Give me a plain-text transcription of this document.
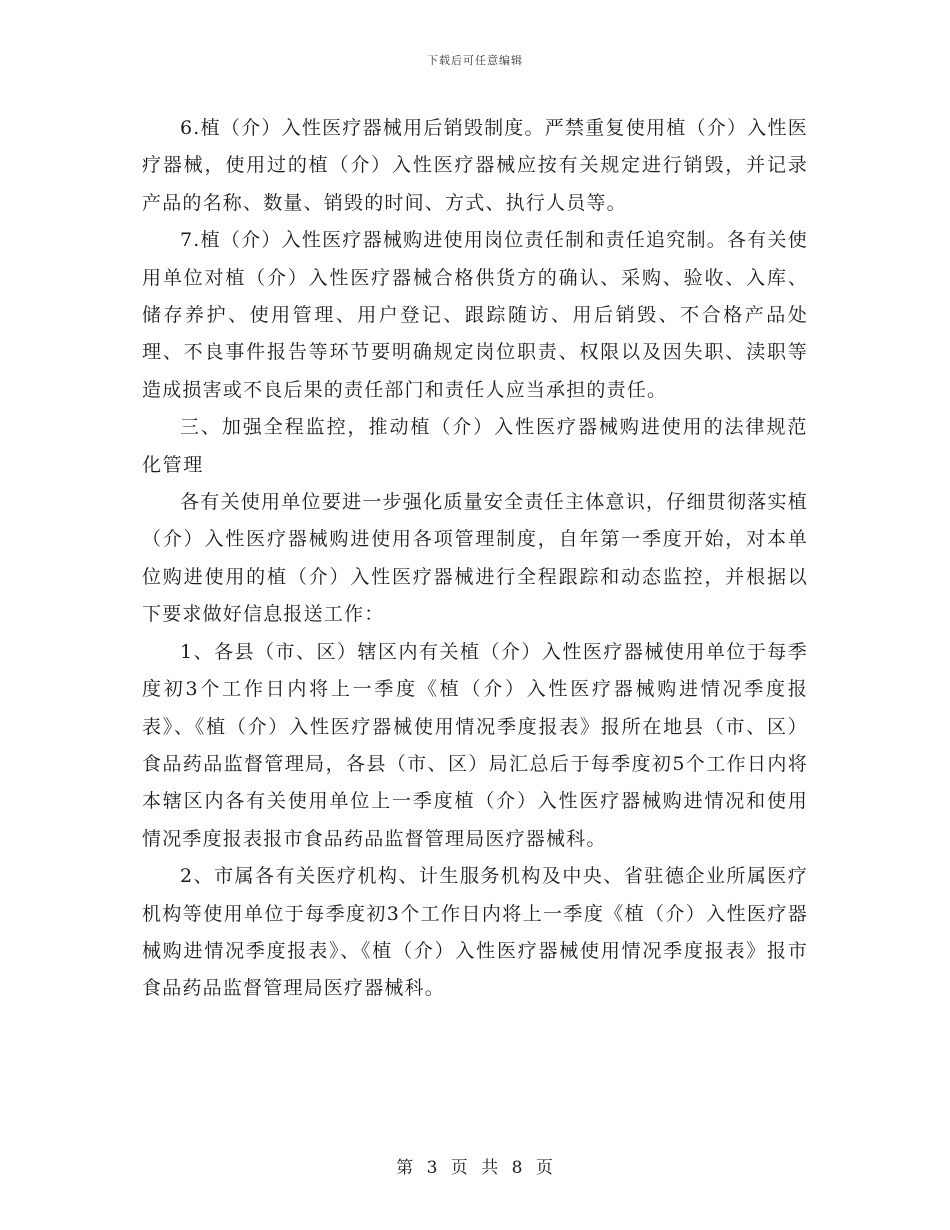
下载后可任意编辑

6.植（介）入性医疗器械用后销毁制度。严禁重复使用植（介）入性医疗器械，使用过的植（介）入性医疗器械应按有关规定进行销毁，并记录产品的名称、数量、销毁的时间、方式、执行人员等。

7.植（介）入性医疗器械购进使用岗位责任制和责任追究制。各有关使用单位对植（介）入性医疗器械合格供货方的确认、采购、验收、入库、储存养护、使用管理、用户登记、跟踪随访、用后销毁、不合格产品处理、不良事件报告等环节要明确规定岗位职责、权限以及因失职、渎职等造成损害或不良后果的责任部门和责任人应当承担的责任。

三、加强全程监控，推动植（介）入性医疗器械购进使用的法律规范化管理

各有关使用单位要进一步强化质量安全责任主体意识，仔细贯彻落实植（介）入性医疗器械购进使用各项管理制度，自年第一季度开始，对本单位购进使用的植（介）入性医疗器械进行全程跟踪和动态监控，并根据以下要求做好信息报送工作：

1、各县（市、区）辖区内有关植（介）入性医疗器械使用单位于每季度初3个工作日内将上一季度《植（介）入性医疗器械购进情况季度报表》、《植（介）入性医疗器械使用情况季度报表》报所在地县（市、区）食品药品监督管理局，各县（市、区）局汇总后于每季度初5个工作日内将本辖区内各有关使用单位上一季度植（介）入性医疗器械购进情况和使用情况季度报表报市食品药品监督管理局医疗器械科。

2、市属各有关医疗机构、计生服务机构及中央、省驻德企业所属医疗机构等使用单位于每季度初3个工作日内将上一季度《植（介）入性医疗器械购进情况季度报表》、《植（介）入性医疗器械使用情况季度报表》报市食品药品监督管理局医疗器械科。

第 3 页 共 8 页
